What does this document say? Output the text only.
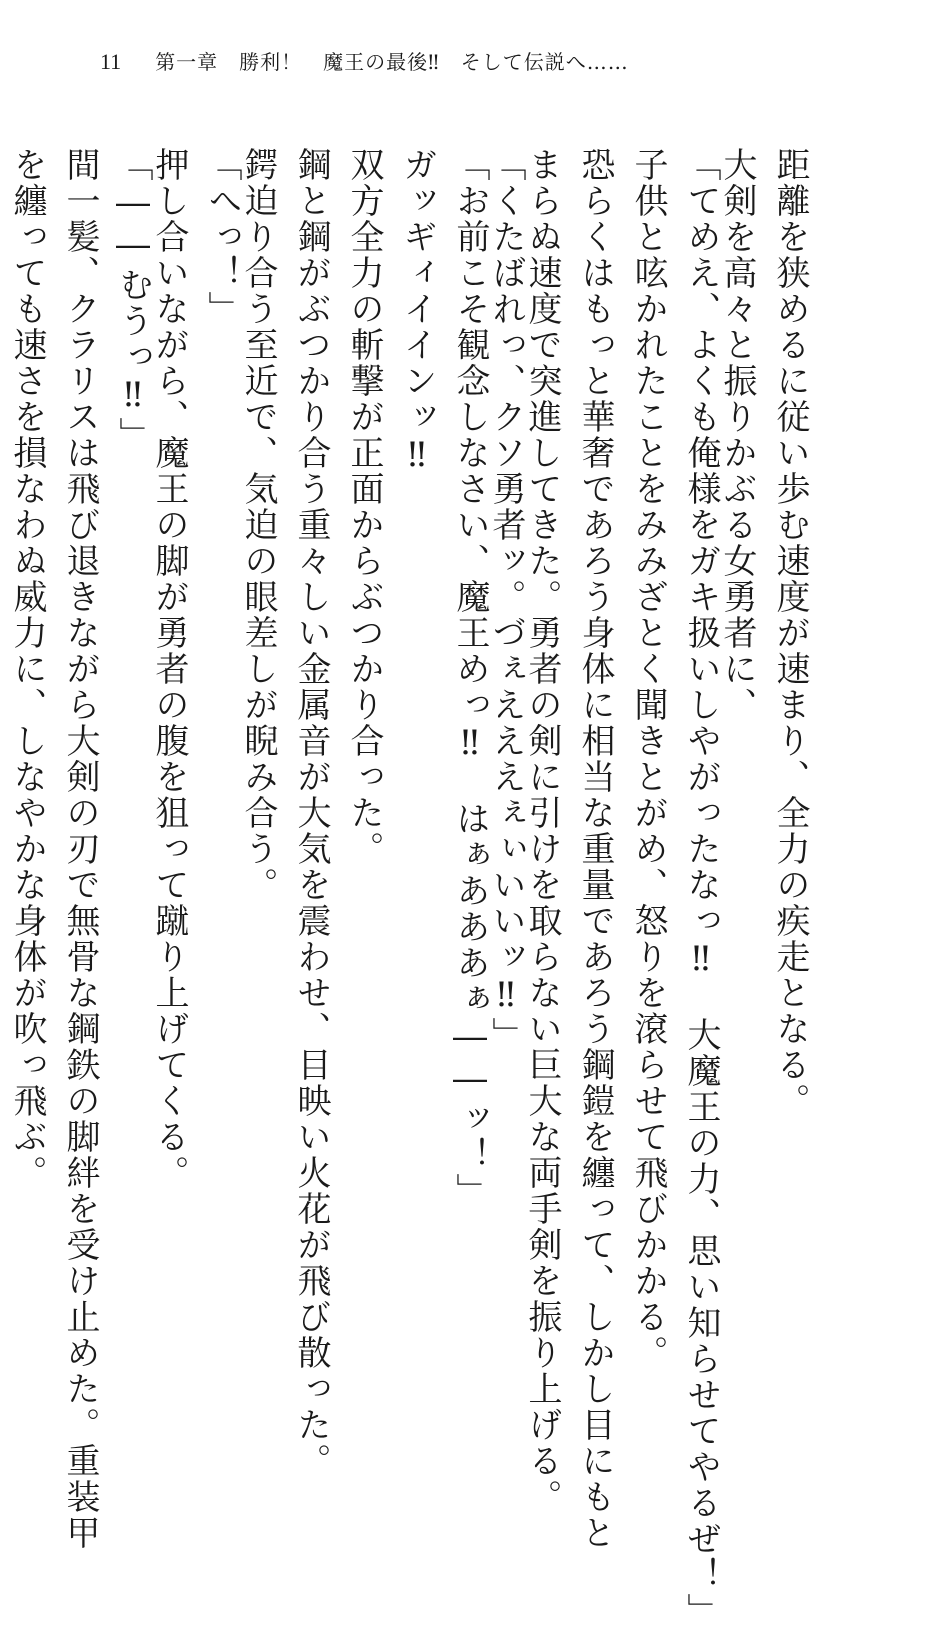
11 第一章　勝利！　魔王の最後‼　そして伝説へ……

距離を狭めるに従い歩む速度が速まり、全力の疾走となる。

大剣を高々と振りかぶる女勇者に、

「てめえ、よくも俺様をガキ扱いしやがったなっ‼　大魔王の力、思い知らせてやるぜ！」

子供と呟かれたことをみみざとく聞きとがめ、怒りを滾らせて飛びかかる。

恐らくはもっと華奢であろう身体に相当な重量であろう鋼鎧を纏って、しかし目にもと

まらぬ速度で突進してきた。勇者の剣に引けを取らない巨大な両手剣を振り上げる。

「くたばれっ、クソ勇者ッ。づぇえええぇぃいいッ‼」

「お前こそ観念しなさい、魔王めっ‼　はぁあああぁ――ッ！」

ガッギィイインッ‼

双方全力の斬撃が正面からぶつかり合った。

鋼と鋼がぶつかり合う重々しい金属音が大気を震わせ、目映い火花が飛び散った。

鍔迫り合う至近で、気迫の眼差しが睨み合う。

「へっ！」

押し合いながら、魔王の脚が勇者の腹を狙って蹴り上げてくる。

「――むうっ‼」

間一髪、クラリスは飛び退きながら大剣の刃で無骨な鋼鉄の脚絆を受け止めた。重装甲

を纏っても速さを損なわぬ威力に、しなやかな身体が吹っ飛ぶ。
